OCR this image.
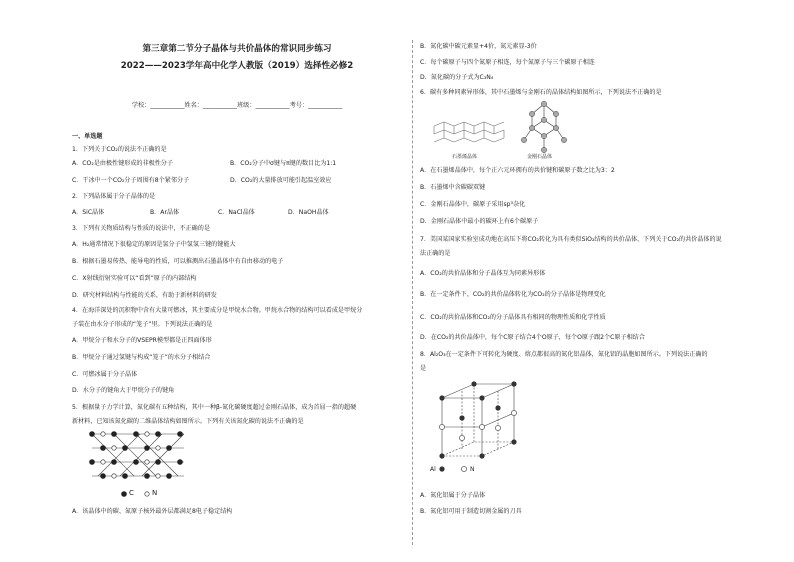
第三章第二节分子晶体与共价晶体的常识同步练习
2022——2023学年高中化学人教版（2019）选择性必修2
学校：___________姓名：___________班级：___________考号：___________
一、单选题
1．下列关于CO₂的说法不正确的是
A．CO₂是由极性键形成的非极性分子	B．CO₂分子中σ键与π键的数目比为1:1
C．干冰中一个CO₂分子周围有8个紧邻分子	D．CO₂的大量排放可能引起温室效应
2．下列晶体属于分子晶体的是
A．SiC晶体	B．Ar晶体	C．NaCl晶体	D．NaOH晶体
3．下列有关物质结构与性质的说法中，不正确的是
A．H₂通常情况下很稳定的原因是氢分子中氢氢三键的键能大
B．根据石墨易传热、能导电的性质，可以推测出石墨晶体中有自由移动的电子
C．X射线衍射实验可以“看到”原子的内部结构
D．研究材料结构与性能的关系，有助于新材料的研发
4．在海洋深处的沉积物中含有大量可燃冰，其主要成分是甲烷水合物。甲烷水合物的结构可以看成是甲烷分
子装在由水分子形成的“笼子”里。下列说法正确的是
A．甲烷分子和水分子的VSEPR模型都是正四面体形
B．甲烷分子通过氢键与构成“笼子”的水分子相结合
C．可燃冰属于分子晶体
D．水分子的键角大于甲烷分子的键角
5．根据量子力学计算，氮化碳有五种结构，其中一种β-氮化碳硬度超过金刚石晶体，成为首屈一指的超硬
新材料，已知该氮化碳的二维晶体结构如图所示。下列有关该氮化碳的说法不正确的是
C	N
A．该晶体中的碳、氮原子核外最外层都满足8电子稳定结构
B．氮化碳中碳元素显+4价，氮元素显-3价
C．每个碳原子与四个氮原子相连，每个氮原子与三个碳原子相连
D．氮化碳的分子式为C₃N₄
6．碳有多种同素异形体，其中石墨烯与金刚石的晶体结构如图所示，下列说法不正确的是
石墨烯晶体	金刚石晶体
A．在石墨烯晶体中，每个正六元环拥有的共价键和碳原子数之比为3：2
B．石墨烯中含碳碳双键
C．金刚石晶体中，碳原子采用sp³杂化
D．金刚石晶体中最小的碳环上有6个碳原子
7．美国某国家实验室成功地在高压下将CO₂转化为具有类似SiO₂结构的共价晶体，下列关于CO₂的共价晶体的说
法正确的是
A．CO₂的共价晶体和分子晶体互为同素异形体
B．在一定条件下，CO₂的共价晶体转化为CO₂的分子晶体是物理变化
C．CO₂的共价晶体和CO₂的分子晶体具有相同的物理性质和化学性质
D．在CO₂的共价晶体中，每个C原子结合4个O原子，每个O原子跟2个C原子相结合
8．Al₂O₃在一定条件下可转化为硬度、熔点都很高的氮化铝晶体，氮化铝的晶胞如图所示。下列说法正确的
是
Al	N
A．氮化铝属于分子晶体
B．氮化铝可用于制造切割金属的刀具
